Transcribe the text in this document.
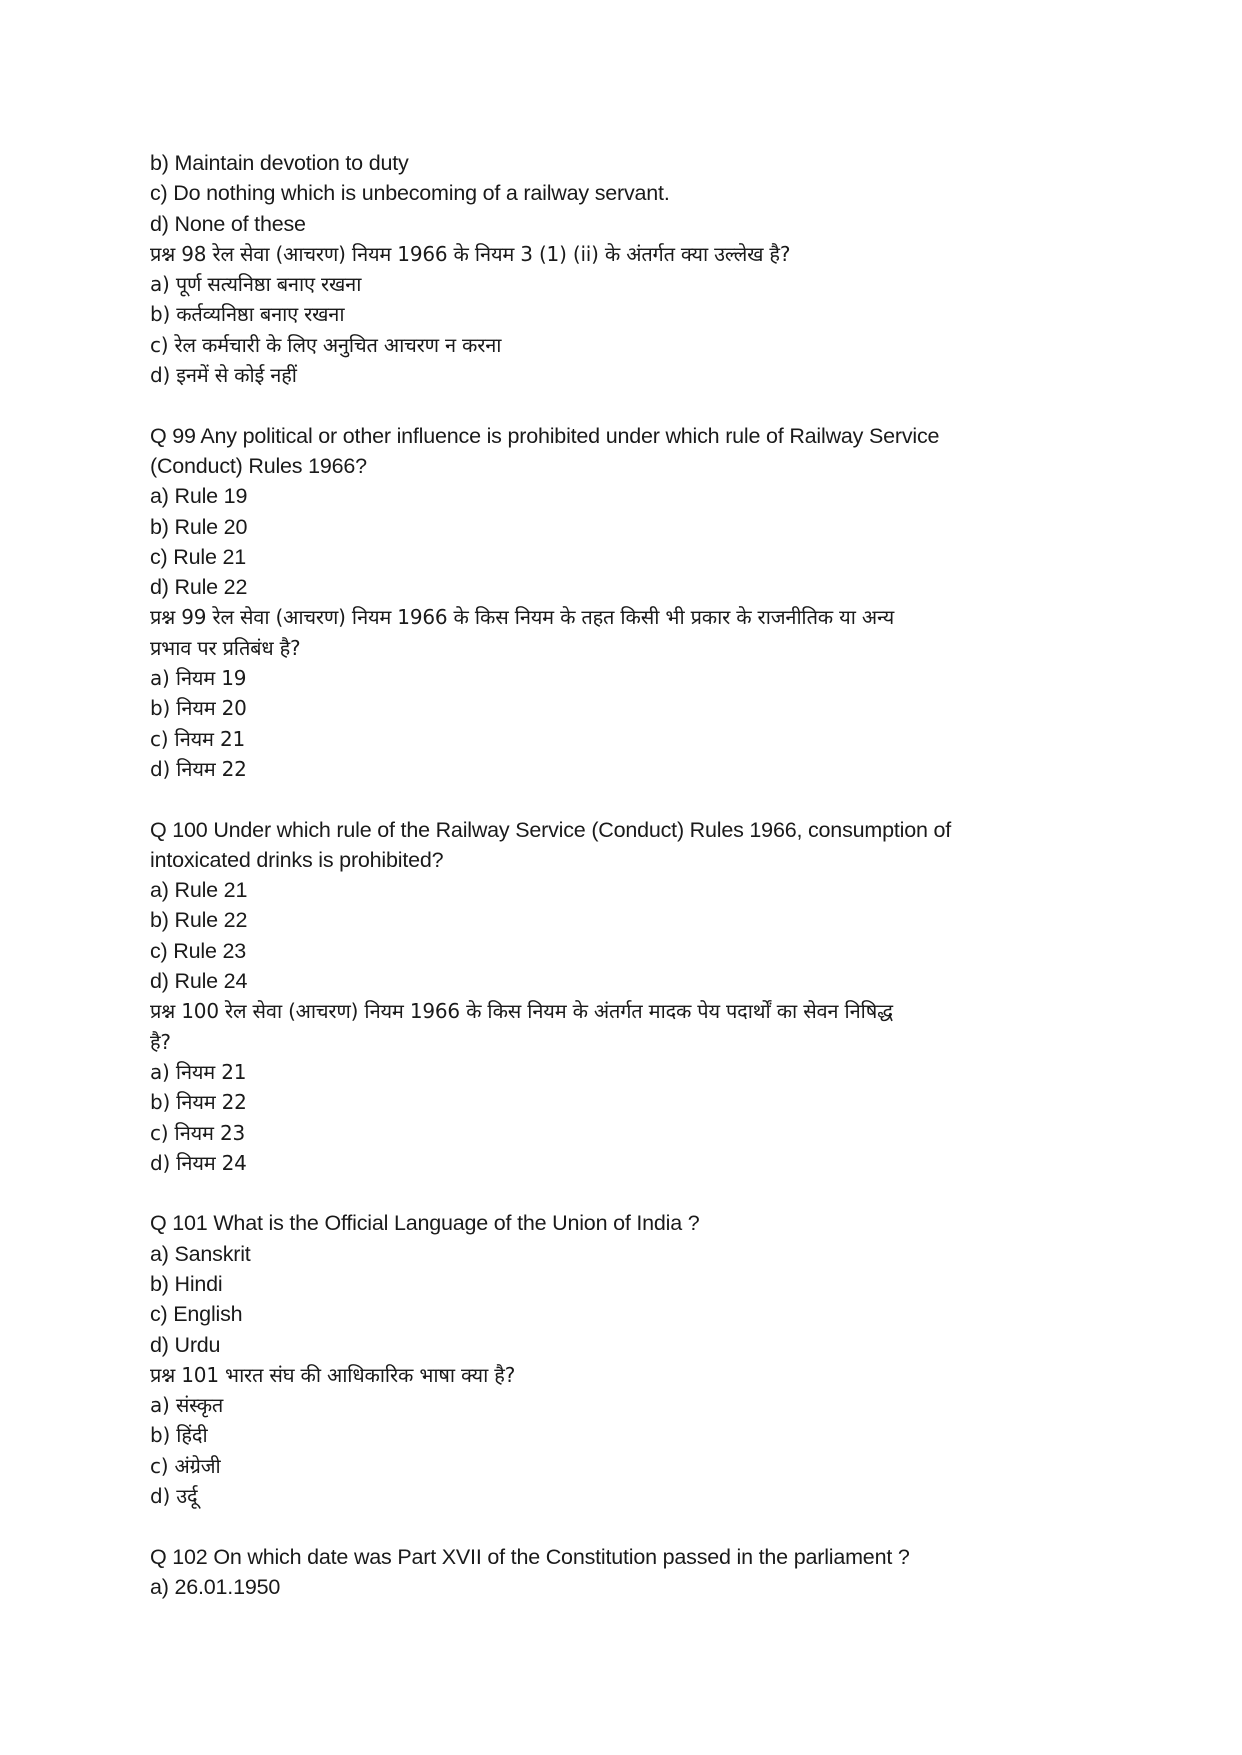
b) Maintain devotion to duty
c) Do nothing which is unbecoming of a railway servant.
d) None of these
प्रश्न 98 रेल सेवा (आचरण) नियम 1966 के नियम 3 (1) (ii) के अंतर्गत क्या उल्लेख है?
a) पूर्ण सत्यनिष्ठा बनाए रखना
b) कर्तव्यनिष्ठा बनाए रखना
c) रेल कर्मचारी के लिए अनुचित आचरण न करना
d) इनमें से कोई नहीं
Q 99 Any political or other influence is prohibited under which rule of Railway Service
(Conduct) Rules 1966?
a) Rule 19
b) Rule 20
c) Rule 21
d) Rule 22
प्रश्न 99 रेल सेवा (आचरण) नियम 1966 के किस नियम के तहत किसी भी प्रकार के राजनीतिक या अन्य
प्रभाव पर प्रतिबंध है?
a) नियम 19
b) नियम 20
c) नियम 21
d) नियम 22
Q 100 Under which rule of the Railway Service (Conduct) Rules 1966, consumption of
intoxicated drinks is prohibited?
a) Rule 21
b) Rule 22
c) Rule 23
d) Rule 24
प्रश्न 100 रेल सेवा (आचरण) नियम 1966 के किस नियम के अंतर्गत मादक पेय पदार्थों का सेवन निषिद्ध
है?
a) नियम 21
b) नियम 22
c) नियम 23
d) नियम 24
Q 101 What is the Official Language of the Union of India ?
a) Sanskrit
b) Hindi
c) English
d) Urdu
प्रश्न 101 भारत संघ की आधिकारिक भाषा क्या है?
a) संस्कृत
b) हिंदी
c) अंग्रेजी
d) उर्दू
Q 102 On which date was Part XVII of the Constitution passed in the parliament ?
a) 26.01.1950
